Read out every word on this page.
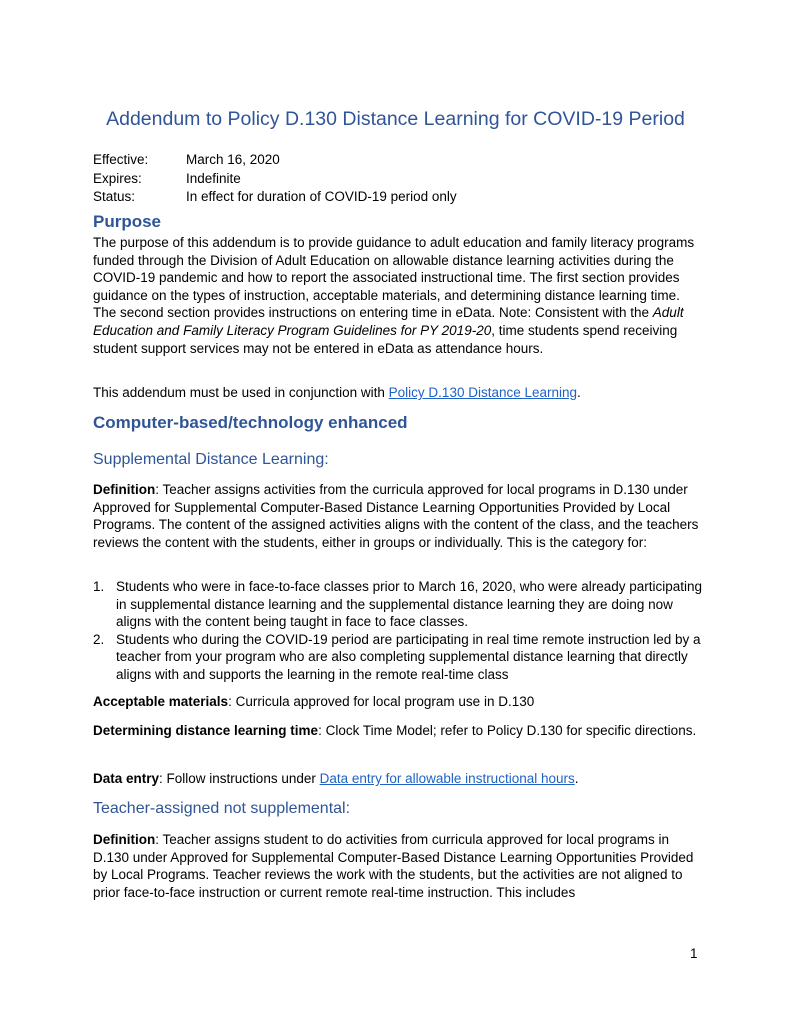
Addendum to Policy D.130 Distance Learning for COVID-19 Period
Effective:	March 16, 2020
Expires:	Indefinite
Status:	In effect for duration of COVID-19 period only
Purpose
The purpose of this addendum is to provide guidance to adult education and family literacy programs funded through the Division of Adult Education on allowable distance learning activities during the COVID-19 pandemic and how to report the associated instructional time. The first section provides guidance on the types of instruction, acceptable materials, and determining distance learning time. The second section provides instructions on entering time in eData. Note: Consistent with the Adult Education and Family Literacy Program Guidelines for PY 2019-20, time students spend receiving student support services may not be entered in eData as attendance hours.
This addendum must be used in conjunction with Policy D.130 Distance Learning.
Computer-based/technology enhanced
Supplemental Distance Learning:
Definition: Teacher assigns activities from the curricula approved for local programs in D.130 under Approved for Supplemental Computer-Based Distance Learning Opportunities Provided by Local Programs. The content of the assigned activities aligns with the content of the class, and the teachers reviews the content with the students, either in groups or individually. This is the category for:
1. Students who were in face-to-face classes prior to March 16, 2020, who were already participating in supplemental distance learning and the supplemental distance learning they are doing now aligns with the content being taught in face to face classes.
2. Students who during the COVID-19 period are participating in real time remote instruction led by a teacher from your program who are also completing supplemental distance learning that directly aligns with and supports the learning in the remote real-time class
Acceptable materials: Curricula approved for local program use in D.130
Determining distance learning time: Clock Time Model; refer to Policy D.130 for specific directions.
Data entry: Follow instructions under Data entry for allowable instructional hours.
Teacher-assigned not supplemental:
Definition: Teacher assigns student to do activities from curricula approved for local programs in D.130 under Approved for Supplemental Computer-Based Distance Learning Opportunities Provided by Local Programs. Teacher reviews the work with the students, but the activities are not aligned to prior face-to-face instruction or current remote real-time instruction. This includes
1
